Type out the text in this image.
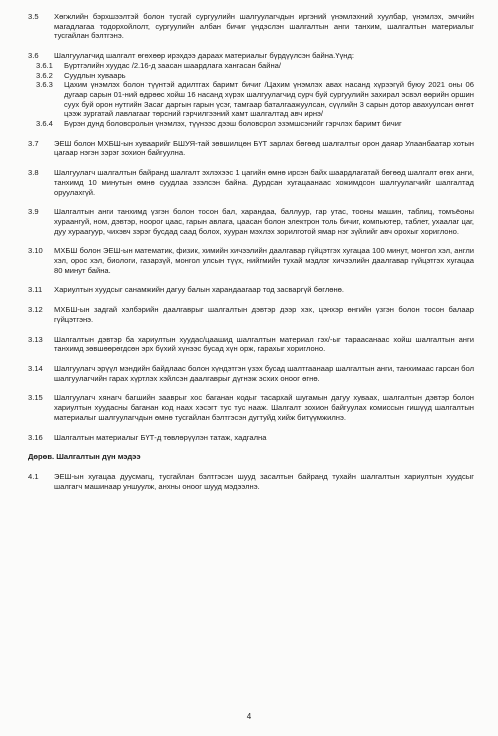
3.5	Хөгжлийн бэрхшээлтэй болон тусгай сургуулийн шалгуулагчдын иргэний үнэмлэхний хуулбар, үнэмлэх, эмчийн магадлагаа тодорхойлолт, сургуулийн албан бичиг үндэслэн шалгалтын анги танхим, шалгалтын материалыг тусгайлан бэлтгэнэ.
3.6	Шалгуулагчид шалгалт өгөхөөр ирэхдээ дараах материалыг бүрдүүлсэн байна.Үүнд:
3.6.1	Бүртгэлийн хуудас /2.16-д заасан шаардлага хангасан байна/
3.6.2	Суудлын хуваарь
3.6.3	Цахим үнэмлэх болон түүнтэй адилтгах баримт бичиг /Цахим үнэмлэх авах насанд хүрээгүй буюу 2021 оны 06 дугаар сарын 01-ний өдрөөс хойш 16 насанд хүрэх шалгуулагчид сурч буй сургуулийн захирал эсвэл өөрийн оршин суух буй орон нутгийн Засаг даргын гарын үсэг, тамгаар баталгаажуулсан, сүүлийн 3 сарын дотор авахуулсан өнгөт цээж зургатай лавлагааг төрсний гэрчилгээний хамт шалгалтад авч ирнэ/
3.6.4	Бүрэн дунд боловсролын үнэмлэх, түүнээс дээш боловсрол эзэмшсэнийг гэрчлэх баримт бичиг
3.7	ЭЕШ болон МХБШ-ын хуваарийг БШУЯ-тай зөвшилцөн БҮТ зарлах бөгөөд шалгалтыг орон даяар Улаанбаатар хотын цагаар нэгэн зэрэг зохион байгуулна.
3.8	Шалгуулагч шалгалтын байранд шалгалт эхлэхээс 1 цагийн өмнө ирсэн байх шаардлагатай бөгөөд шалгалт өгөх анги, танхимд 10 минутын өмнө суудлаа эзэлсэн байна. Дурдсан хугацаанаас хожимдсон шалгуулагчийг шалгалтад оруулахгүй.
3.9	Шалгалтын анги танхимд үзгэн болон тосон бал, харандаа, баллуур, гар утас, тооны машин, таблиц, томъёоны хураангуй, ном, дэвтэр, ноорог цаас, гарын авлага, цаасан болон электрон толь бичиг, компьютер, таблет, ухаалаг цаг, дуу хураагуур, чихэвч зэрэг бусдад саад болох, хууран мэхлэх зорилготой ямар нэг зүйлийг авч орохыг хориглоно.
3.10	МХБШ болон ЭЕШ-ын математик, физик, химийн хичээлийн даалгавар гүйцэтгэх хугацаа 100 минут, монгол хэл, англи хэл, орос хэл, биологи, газарзүй, монгол улсын түүх, нийгмийн тухай мэдлэг хичээлийн даалгавар гүйцэтгэх хугацаа 80 минут байна.
3.11	Хариултын хуудсыг санамжийн дагуу балын харандаагаар тод засваргүй бөглөнө.
3.12	МХБШ-ын задгай хэлбэрийн даалгаврыг шалгалтын дэвтэр дээр хэх, цэнхэр өнгийн үзгэн болон тосон балаар гүйцэтгэнэ.
3.13	Шалгалтын дэвтэр ба хариултын хуудас/цаашид шалгалтын материал гэх/-ыг тараасанаас хойш шалгалтын анги танхимд зөвшөөрөгдсөн эрх бүхий хүнээс бусад хүн орж, гарахыг хориглоно.
3.14	Шалгуулагч эрүүл мэндийн байдлаас болон хүндэтгэн үзэх бусад шалтгаанаар шалгалтын анги, танхимаас гарсан бол шалгуулагчийн гарах хүртлэх хэйлсэн даалгаврыг дүгнэж эсхих оноог өгнө.
3.15	Шалгуулагч хянагч багшийн зааврыг хос баганан кодыг тасархай шугамын дагуу хуваах, шалгалтын дэвтэр болон хариултын хуудасны баганан код наах хэсэгт тус тус нааж. Шалгалт зохион байгуулах комиссын гишүүд шалгалтын материалыг шалгуулагчдын өмнө тусгайлан бэлтгэсэн дугтуйд хийж битүүмжилнэ.
3.16	Шалгалтын материалыг БҮТ-д төвлөрүүлэн татаж, хадгална
Дөрөв. Шалгалтын дүн мэдээ
4.1	ЭЕШ-ын хугацаа дуусмагц, тусгайлан бэлтгэсэн шууд засалтын байранд тухайн шалгалтын хариултын хуудсыг шалгагч машинаар уншуулж, анхны оноог шууд мэдээлнэ.
4
